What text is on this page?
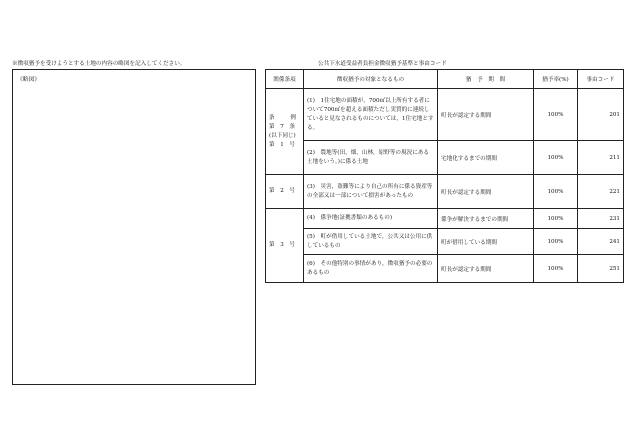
※徴収猶予を受けようとする土地の内容の略図を記入してください。
《略図》
公共下水道受益者負担金徴収猶予基準と事由コード
関係条項	徴収猶予の対象となるもの	猶　予　期　間	猶予率(%)	事由コード

条　　例
第　7　条
(以下同じ)
第　1　号	(1)　1住宅地の面積が，700㎡以上所有する者について700㎡を超える面積ただし実質的に連続していると見なされるものについては，1住宅地とする。	町長が認定する期間	100%	201
	(2)　農地等(田，畑，山林，原野等の現況にある土地をいう。)に係る土地	宅地化するまでの期間	100%	211

第　2　号	(3)　災害，盗難等により自己の所有に係る資産等の全部又は一部について損害があったもの	町長が認定する期間	100%	221

第　3　号	(4)　係争地(証拠書類のあるもの)	係争が解決するまでの期間	100%	231
	(5)　町が借用している土地で，公共又は公用に供しているもの	町が借用している期間	100%	241
	(6)　その他特別の事情があり，徴収猶予の必要のあるもの	町長が認定する期間	100%	251
